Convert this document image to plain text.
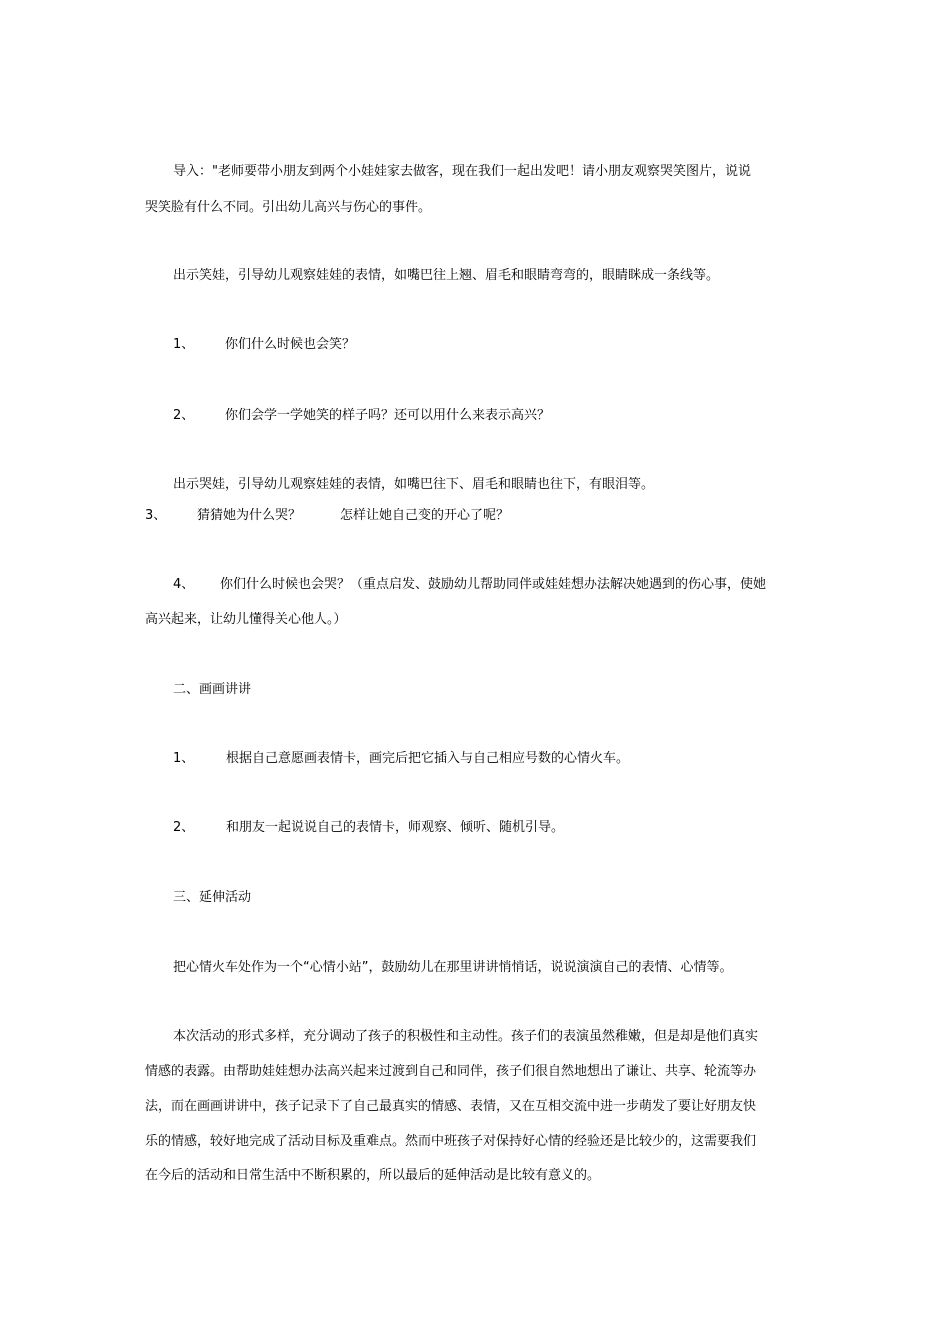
导入："老师要带小朋友到两个小娃娃家去做客，现在我们一起出发吧！请小朋友观察哭笑图片，说说
哭笑脸有什么不同。引出幼儿高兴与伤心的事件。
出示笑娃，引导幼儿观察娃娃的表情，如嘴巴往上翘、眉毛和眼睛弯弯的，眼睛眯成一条线等。
1、 你们什么时候也会笑？
2、 你们会学一学她笑的样子吗？还可以用什么来表示高兴？
出示哭娃，引导幼儿观察娃娃的表情，如嘴巴往下、眉毛和眼睛也往下，有眼泪等。
3、 猜猜她为什么哭？	怎样让她自己变的开心了呢？
4、 你们什么时候也会哭？（重点启发、鼓励幼儿帮助同伴或娃娃想办法解决她遇到的伤心事，使她
高兴起来，让幼儿懂得关心他人。）
二、画画讲讲
1、 根据自己意愿画表情卡，画完后把它插入与自己相应号数的心情火车。
2、 和朋友一起说说自己的表情卡，师观察、倾听、随机引导。
三、延伸活动
把心情火车处作为一个“心情小站”，鼓励幼儿在那里讲讲悄悄话，说说演演自己的表情、心情等。
本次活动的形式多样，充分调动了孩子的积极性和主动性。孩子们的表演虽然稚嫩，但是却是他们真实
情感的表露。由帮助娃娃想办法高兴起来过渡到自己和同伴，孩子们很自然地想出了谦让、共享、轮流等办
法，而在画画讲讲中，孩子记录下了自己最真实的情感、表情，又在互相交流中进一步萌发了要让好朋友快
乐的情感，较好地完成了活动目标及重难点。然而中班孩子对保持好心情的经验还是比较少的，这需要我们
在今后的活动和日常生活中不断积累的，所以最后的延伸活动是比较有意义的。
